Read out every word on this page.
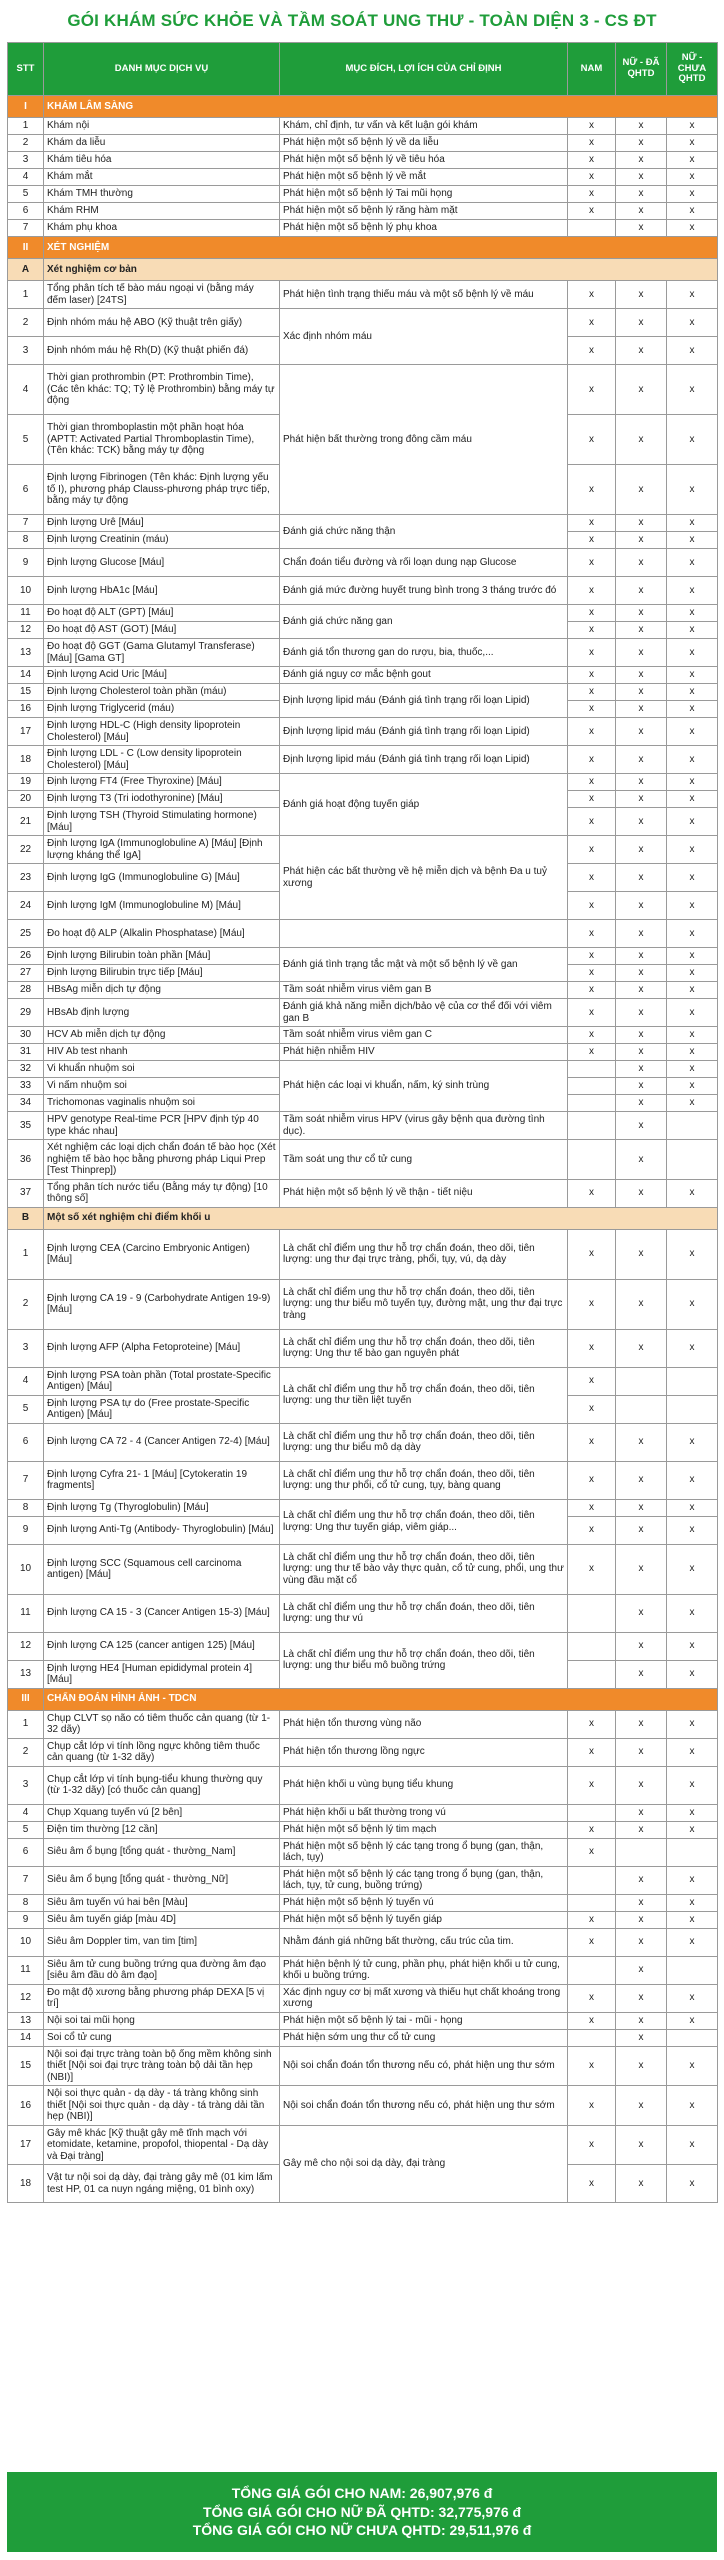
GÓI KHÁM SỨC KHỎE VÀ TẦM SOÁT UNG THƯ - TOÀN DIỆN 3 - CS ĐT
STT	DANH MỤC DỊCH VỤ	MỤC ĐÍCH, LỢI ÍCH CỦA CHỈ ĐỊNH	NAM	NỮ - ĐÃ QHTD	NỮ - CHƯA QHTD
I	KHÁM LÂM SÀNG				
1	Khám nội	Khám, chỉ định, tư vấn và kết luận gói khám	x	x	x
2	Khám da liễu	Phát hiện một số bệnh lý về da liễu	x	x	x
3	Khám tiêu hóa	Phát hiện một số bệnh lý về tiêu hóa	x	x	x
4	Khám mắt	Phát hiện một số bệnh lý về mắt	x	x	x
5	Khám TMH thường	Phát hiện một số bệnh lý Tai mũi họng	x	x	x
6	Khám RHM	Phát hiện một số bệnh lý răng hàm mặt	x	x	x
7	Khám phụ khoa	Phát hiện một số bệnh lý phụ khoa		x	x
II	XÉT NGHIỆM				
A	Xét nghiệm cơ bản				
1	Tổng phân tích tế bào máu ngoại vi (bằng máy đếm laser) [24TS]	Phát hiện tình trạng thiếu máu và một số bệnh lý về máu	x	x	x
2	Định nhóm máu hệ ABO (Kỹ thuật trên giấy)	Xác định nhóm máu	x	x	x
3	Định nhóm máu hệ Rh(D) (Kỹ thuật phiến đá)		x	x	x
4	Thời gian prothrombin (PT: Prothrombin Time), (Các tên khác: TQ; Tỷ lệ Prothrombin) bằng máy tự động	Phát hiện bất thường trong đông cầm máu	x	x	x
5	Thời gian thromboplastin một phần hoạt hóa (APTT: Activated Partial Thromboplastin Time), (Tên khác: TCK) bằng máy tự động		x	x	x
6	Định lượng Fibrinogen (Tên khác: Định lượng yếu tố I), phương pháp Clauss-phương pháp trực tiếp, bằng máy tự động		x	x	x
7	Định lượng Urê [Máu]	Đánh giá chức năng thận	x	x	x
8	Định lượng Creatinin (máu)		x	x	x
9	Định lượng Glucose [Máu]	Chẩn đoán tiểu đường và rối loạn dung nạp Glucose	x	x	x
10	Định lượng HbA1c [Máu]	Đánh giá mức đường huyết trung bình trong 3 tháng trước đó	x	x	x
11	Đo hoạt độ ALT (GPT) [Máu]	Đánh giá chức năng gan	x	x	x
12	Đo hoạt độ AST (GOT) [Máu]		x	x	x
13	Đo hoạt độ GGT (Gama Glutamyl Transferase) [Máu] [Gama GT]	Đánh giá tổn thương gan do rượu, bia, thuốc,...	x	x	x
14	Định lượng Acid Uric [Máu]	Đánh giá nguy cơ mắc bệnh gout	x	x	x
15	Định lượng Cholesterol toàn phần (máu)	Định lượng lipid máu (Đánh giá tình trạng rối loạn Lipid)	x	x	x
16	Định lượng Triglycerid (máu)		x	x	x
17	Định lượng HDL-C (High density lipoprotein Cholesterol) [Máu]	Định lượng lipid máu (Đánh giá tình trạng rối loạn Lipid)	x	x	x
18	Định lượng LDL - C (Low density lipoprotein Cholesterol) [Máu]	Định lượng lipid máu (Đánh giá tình trạng rối loạn Lipid)	x	x	x
19	Định lượng FT4 (Free Thyroxine) [Máu]	Đánh giá hoạt động tuyến giáp	x	x	x
20	Định lượng T3 (Tri iodothyronine) [Máu]		x	x	x
21	Định lượng TSH (Thyroid Stimulating hormone) [Máu]		x	x	x
22	Định lượng IgA (Immunoglobuline A) [Máu] [Định lượng kháng thể IgA]	Phát hiện các bất thường về hệ miễn dịch và bệnh Đa u tuỷ xương	x	x	x
23	Định lượng IgG (Immunoglobuline G) [Máu]		x	x	x
24	Định lượng IgM (Immunoglobuline M) [Máu]		x	x	x
25	Đo hoạt độ ALP (Alkalin Phosphatase) [Máu]		x	x	x
26	Định lượng Bilirubin toàn phần [Máu]	Đánh giá tình trạng tắc mật và một số bệnh lý về gan	x	x	x
27	Định lượng Bilirubin trực tiếp [Máu]		x	x	x
28	HBsAg miễn dịch tự động	Tầm soát nhiễm virus viêm gan B	x	x	x
29	HBsAb định lượng	Đánh giá khả năng miễn dịch/bảo vệ của cơ thể đối với viêm gan B	x	x	x
30	HCV Ab miễn dịch tự động	Tầm soát nhiễm virus viêm gan C	x	x	x
31	HIV Ab test nhanh	Phát hiện nhiễm HIV	x	x	x
32	Vi khuẩn nhuộm soi	Phát hiện các loại vi khuẩn, nấm, ký sinh trùng		x	x
33	Vi nấm nhuộm soi			x	x
34	Trichomonas vaginalis nhuộm soi			x	x
35	HPV genotype Real-time PCR [HPV định týp 40 type khác nhau]	Tầm soát nhiễm virus HPV (virus gây bệnh qua đường tình dục).		x	
36	Xét nghiệm các loại dịch chẩn đoán tế bào học (Xét nghiệm tế bào học bằng phương pháp Liqui Prep [Test Thinprep])	Tầm soát ung thư cổ tử cung		x	
37	Tổng phân tích nước tiểu (Bằng máy tự động) [10 thông số]	Phát hiện một số bệnh lý về thận - tiết niệu	x	x	x
B	Một số xét nghiệm chỉ điểm khối u				
1	Định lượng CEA (Carcino Embryonic Antigen) [Máu]	Là chất chỉ điểm ung thư hỗ trợ chẩn đoán, theo dõi, tiên lượng: ung thư đại trực tràng, phổi, tụy, vú, dạ dày	x	x	x
2	Định lượng CA 19 - 9 (Carbohydrate Antigen 19-9) [Máu]	Là chất chỉ điểm ung thư hỗ trợ chẩn đoán, theo dõi, tiên lượng: ung thư biểu mô tuyến tụy, đường mật, ung thư đại trực tràng	x	x	x
3	Định lượng AFP (Alpha Fetoproteine) [Máu]	Là chất chỉ điểm ung thư hỗ trợ chẩn đoán, theo dõi, tiên lượng: Ung thư tế bào gan nguyên phát	x	x	x
4	Định lượng PSA toàn phần (Total prostate-Specific Antigen) [Máu]	Là chất chỉ điểm ung thư hỗ trợ chẩn đoán, theo dõi, tiên lượng: ung thư tiền liệt tuyến	x		
5	Định lượng PSA tự do (Free prostate-Specific Antigen) [Máu]		x		
6	Định lượng CA 72 - 4 (Cancer Antigen 72-4) [Máu]	Là chất chỉ điểm ung thư hỗ trợ chẩn đoán, theo dõi, tiên lượng: ung thư biểu mô dạ dày	x	x	x
7	Định lượng Cyfra 21- 1 [Máu] [Cytokeratin 19 fragments]	Là chất chỉ điểm ung thư hỗ trợ chẩn đoán, theo dõi, tiên lượng: ung thư phổi, cổ tử cung, tụy, bàng quang	x	x	x
8	Định lượng Tg (Thyroglobulin) [Máu]	Là chất chỉ điểm ung thư hỗ trợ chẩn đoán, theo dõi, tiên lượng: Ung thư tuyến giáp, viêm giáp...	x	x	x
9	Định lượng Anti-Tg (Antibody- Thyroglobulin) [Máu]		x	x	x
10	Định lượng SCC (Squamous cell carcinoma antigen) [Máu]	Là chất chỉ điểm ung thư hỗ trợ chẩn đoán, theo dõi, tiên lượng: ung thư tế bào vảy thực quản, cổ tử cung, phổi, ung thư vùng đầu mặt cổ	x	x	x
11	Định lượng CA 15 - 3 (Cancer Antigen 15-3) [Máu]	Là chất chỉ điểm ung thư hỗ trợ chẩn đoán, theo dõi, tiên lượng: ung thư vú		x	x
12	Định lượng CA 125 (cancer antigen 125) [Máu]	Là chất chỉ điểm ung thư hỗ trợ chẩn đoán, theo dõi, tiên lượng: ung thư biểu mô buồng trứng		x	x
13	Định lượng HE4 [Human epididymal protein 4] [Máu]			x	x
III	CHẨN ĐOÁN HÌNH ẢNH - TDCN				
1	Chụp CLVT sọ não có tiêm thuốc cản quang (từ 1-32 dãy)	Phát hiện tổn thương vùng não	x	x	x
2	Chụp cắt lớp vi tính lồng ngực không tiêm thuốc cản quang (từ 1-32 dãy)	Phát hiện tổn thương lồng ngực	x	x	x
3	Chụp cắt lớp vi tính bụng-tiểu khung thường quy (từ 1-32 dãy) [có thuốc cản quang]	Phát hiện khối u vùng bụng tiểu khung	x	x	x
4	Chụp Xquang tuyến vú [2 bên]	Phát hiện khối u bất thường trong vú		x	x
5	Điện tim thường [12 cần]	Phát hiện một số bệnh lý tim mạch	x	x	x
6	Siêu âm ổ bụng [tổng quát - thường_Nam]	Phát hiện một số bệnh lý các tạng trong ổ bụng (gan, thận, lách, tụy)	x		
7	Siêu âm ổ bụng [tổng quát - thường_Nữ]	Phát hiện một số bệnh lý các tạng trong ổ bụng (gan, thận, lách, tụy, tử cung, buồng trứng)		x	x
8	Siêu âm tuyến vú hai bên [Màu]	Phát hiện một số bệnh lý tuyến vú		x	x
9	Siêu âm tuyến giáp [màu 4D]	Phát hiện một số bệnh lý tuyến giáp	x	x	x
10	Siêu âm Doppler tim, van tim [tim]	Nhằm đánh giá những bất thường, cấu trúc của tim.	x	x	x
11	Siêu âm tử cung buồng trứng qua đường âm đạo [siêu âm đầu dò âm đạo]	Phát hiện bệnh lý tử cung, phần phụ, phát hiện khối u tử cung, khối u buồng trứng.		x	
12	Đo mật độ xương bằng phương pháp DEXA [5 vị trí]	Xác định nguy cơ bị mất xương và thiếu hụt chất khoáng trong xương	x	x	x
13	Nội soi tai mũi họng	Phát hiện một số bệnh lý tai - mũi - họng	x	x	x
14	Soi cổ tử cung	Phát hiện sớm ung thư cổ tử cung		x	
15	Nội soi đại trực tràng toàn bộ ống mềm không sinh thiết [Nội soi đại trực tràng toàn bộ dải tần hẹp (NBI)]	Nội soi chẩn đoán tổn thương nếu có, phát hiện ung thư sớm	x	x	x
16	Nội soi thực quản - dạ dày - tá tràng không sinh thiết [Nội soi thực quản - dạ dày - tá tràng dải tần hẹp (NBI)]	Nội soi chẩn đoán tổn thương nếu có, phát hiện ung thư sớm	x	x	x
17	Gây mê khác [Kỹ thuật gây mê tĩnh mạch với etomidate, ketamine, propofol, thiopental - Dạ dày và Đại tràng]	Gây mê cho nội soi dạ dày, đại tràng	x	x	x
18	Vật tư nội soi dạ dày, đại tràng gây mê (01 kim lấm test HP, 01 ca nuyn ngáng miệng, 01 bình oxy)		x	x	x
TỔNG GIÁ GÓI CHO NAM: 26,907,976 đ
TỔNG GIÁ GÓI CHO NỮ ĐÃ QHTD: 32,775,976 đ
TỔNG GIÁ GÓI CHO NỮ CHƯA QHTD: 29,511,976 đ
